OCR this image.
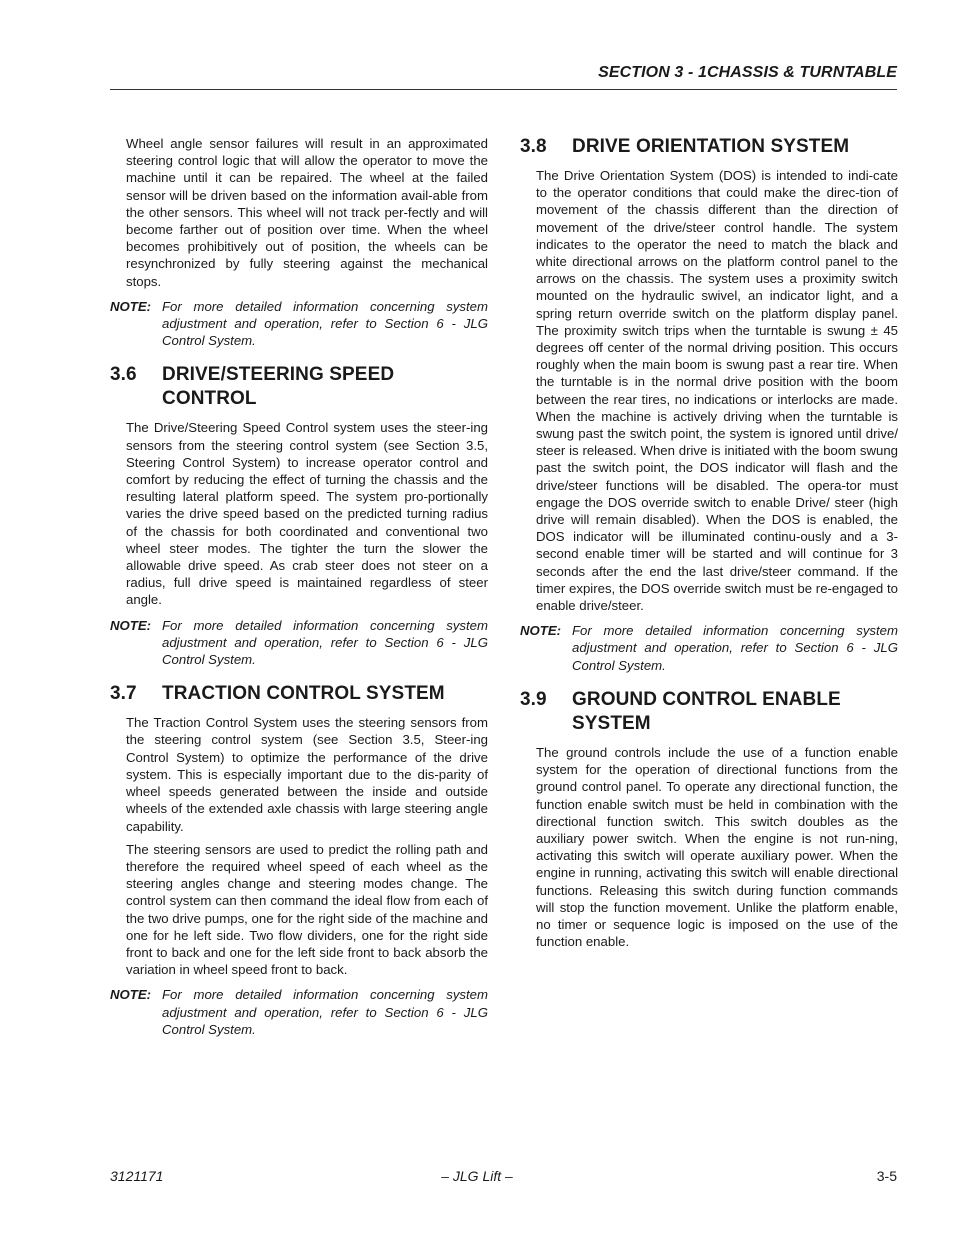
SECTION 3 - 1CHASSIS & TURNTABLE

Wheel angle sensor failures will result in an approximated steering control logic that will allow the operator to move the machine until it can be repaired. The wheel at the failed sensor will be driven based on the information avail-able from the other sensors. This wheel will not track per-fectly and will become farther out of position over time. When the wheel becomes prohibitively out of position, the wheels can be resynchronized by fully steering against the mechanical stops.

NOTE: For more detailed information concerning system adjustment and operation, refer to Section 6 - JLG Control System.
3.6	DRIVE/STEERING SPEED CONTROL

The Drive/Steering Speed Control system uses the steer-ing sensors from the steering control system (see Section 3.5, Steering Control System) to increase operator control and comfort by reducing the effect of turning the chassis and the resulting lateral platform speed. The system pro-portionally varies the drive speed based on the predicted turning radius of the chassis for both coordinated and conventional two wheel steer modes. The tighter the turn the slower the allowable drive speed. As crab steer does not steer on a radius, full drive speed is maintained regardless of steer angle.

NOTE: For more detailed information concerning system adjustment and operation, refer to Section 6 - JLG Control System.
3.7	TRACTION CONTROL SYSTEM

The Traction Control System uses the steering sensors from the steering control system (see Section 3.5, Steer-ing Control System) to optimize the performance of the drive system. This is especially important due to the dis-parity of wheel speeds generated between the inside and outside wheels of the extended axle chassis with large steering angle capability.

The steering sensors are used to predict the rolling path and therefore the required wheel speed of each wheel as the steering angles change and steering modes change. The control system can then command the ideal flow from each of the two drive pumps, one for the right side of the machine and one for he left side. Two flow dividers, one for the right side front to back and one for the left side front to back absorb the variation in wheel speed front to back.

NOTE: For more detailed information concerning system adjustment and operation, refer to Section 6 - JLG Control System.
3.8	DRIVE ORIENTATION SYSTEM

The Drive Orientation System (DOS) is intended to indi-cate to the operator conditions that could make the direc-tion of movement of the chassis different than the direction of movement of the drive/steer control handle. The system indicates to the operator the need to match the black and white directional arrows on the platform control panel to the arrows on the chassis. The system uses a proximity switch mounted on the hydraulic swivel, an indicator light, and a spring return override switch on the platform display panel. The proximity switch trips when the turntable is swung ± 45 degrees off center of the normal driving position. This occurs roughly when the main boom is swung past a rear tire. When the turntable is in the normal drive position with the boom between the rear tires, no indications or interlocks are made. When the machine is actively driving when the turntable is swung past the switch point, the system is ignored until drive/ steer is released. When drive is initiated with the boom swung past the switch point, the DOS indicator will flash and the drive/steer functions will be disabled. The opera-tor must engage the DOS override switch to enable Drive/ steer (high drive will remain disabled). When the DOS is enabled, the DOS indicator will be illuminated continu-ously and a 3-second enable timer will be started and will continue for 3 seconds after the end the last drive/steer command. If the timer expires, the DOS override switch must be re-engaged to enable drive/steer.

NOTE: For more detailed information concerning system adjustment and operation, refer to Section 6 - JLG Control System.
3.9	GROUND CONTROL ENABLE SYSTEM

The ground controls include the use of a function enable system for the operation of directional functions from the ground control panel. To operate any directional function, the function enable switch must be held in combination with the directional function switch. This switch doubles as the auxiliary power switch. When the engine is not run-ning, activating this switch will operate auxiliary power. When the engine in running, activating this switch will enable directional functions. Releasing this switch during function commands will stop the function movement. Unlike the platform enable, no timer or sequence logic is imposed on the use of the function enable.

3121171	– JLG Lift –	3-5
